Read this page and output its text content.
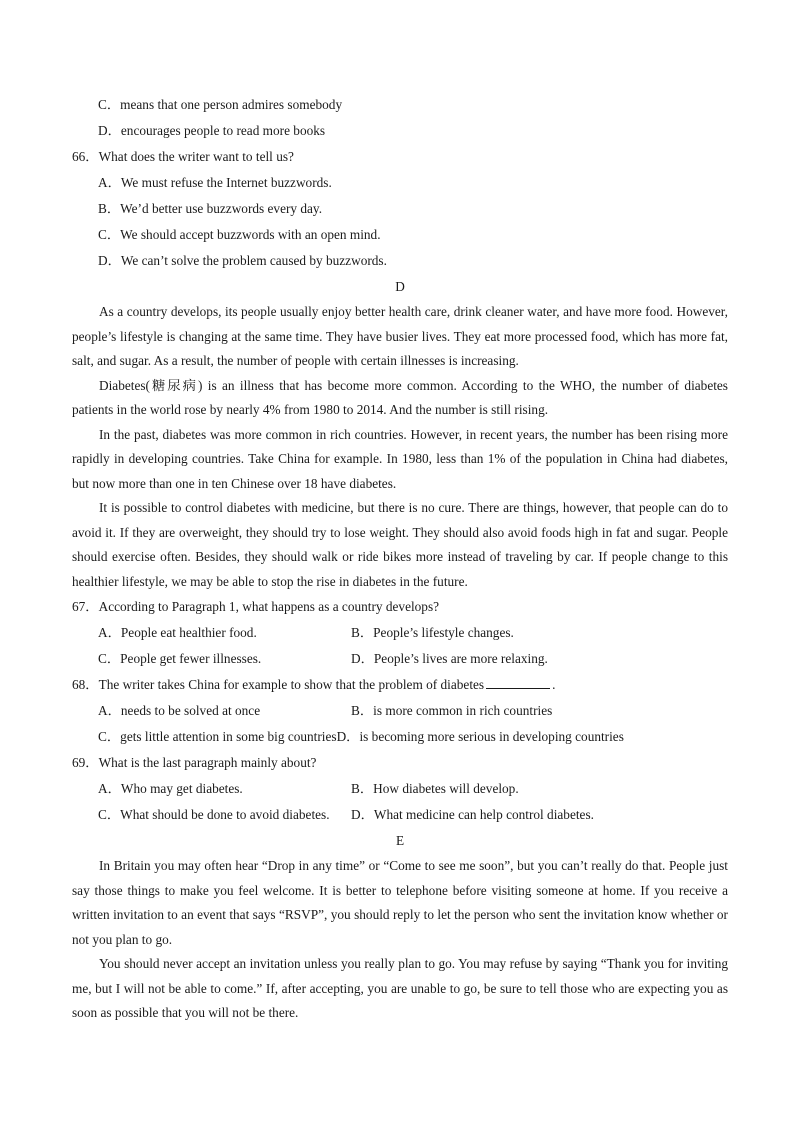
C．means that one person admires somebody
D．encourages people to read more books
66．What does the writer want to tell us?
A．We must refuse the Internet buzzwords.
B．We’d better use buzzwords every day.
C．We should accept buzzwords with an open mind.
D．We can’t solve the problem caused by buzzwords.
D

As a country develops, its people usually enjoy better health care, drink cleaner water, and have more food. However, people’s lifestyle is changing at the same time. They have busier lives. They eat more processed food, which has more fat, salt, and sugar. As a result, the number of people with certain illnesses is increasing.

Diabetes(糖尿病) is an illness that has become more common. According to the WHO, the number of diabetes patients in the world rose by nearly 4% from 1980 to 2014. And the number is still rising.

In the past, diabetes was more common in rich countries. However, in recent years, the number has been rising more rapidly in developing countries. Take China for example. In 1980, less than 1% of the population in China had diabetes, but now more than one in ten Chinese over 18 have diabetes.

It is possible to control diabetes with medicine, but there is no cure. There are things, however, that people can do to avoid it. If they are overweight, they should try to lose weight. They should also avoid foods high in fat and sugar. People should exercise often. Besides, they should walk or ride bikes more instead of traveling by car. If people change to this healthier lifestyle, we may be able to stop the rise in diabetes in the future.

67．According to Paragraph 1, what happens as a country develops?
A．People eat healthier food.	B．People’s lifestyle changes.
C．People get fewer illnesses.	D．People’s lives are more relaxing.
68．The writer takes China for example to show that the problem of diabetes	.
A．needs to be solved at once	B．is more common in rich countries
C．gets little attention in some big countries D．is becoming more serious in developing countries
69．What is the last paragraph mainly about?
A．Who may get diabetes.	B．How diabetes will develop.
C．What should be done to avoid diabetes.	D．What medicine can help control diabetes.
E

In Britain you may often hear “Drop in any time” or “Come to see me soon”, but you can’t really do that. People just say those things to make you feel welcome. It is better to telephone before visiting someone at home. If you receive a written invitation to an event that says “RSVP”, you should reply to let the person who sent the invitation know whether or not you plan to go.

You should never accept an invitation unless you really plan to go. You may refuse by saying “Thank you for inviting me, but I will not be able to come.” If, after accepting, you are unable to go, be sure to tell those who are expecting you as soon as possible that you will not be there.
